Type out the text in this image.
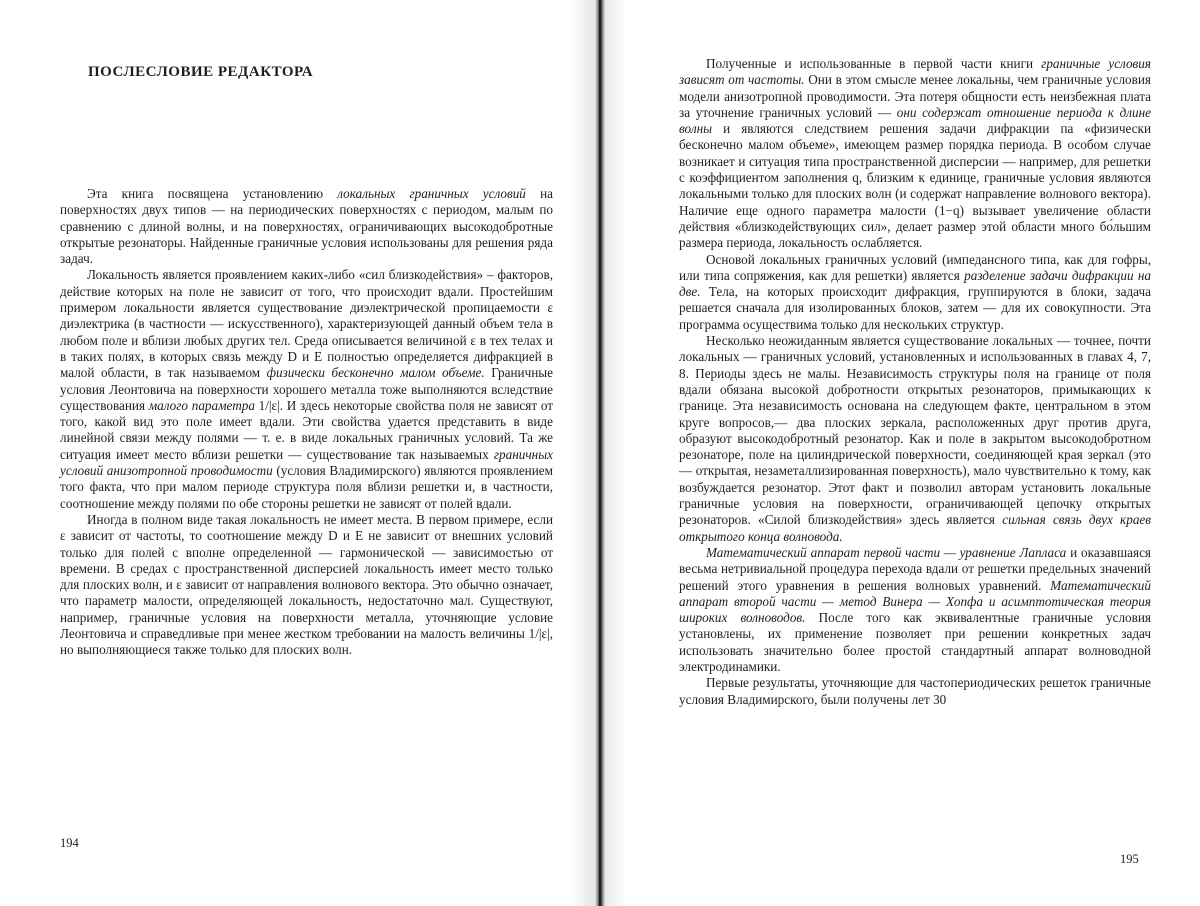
ПОСЛЕСЛОВИЕ РЕДАКТОРА

Эта книга посвящена установлению локальных граничных условий на поверхностях двух типов — на периодических поверхностях с периодом, малым по сравнению с длиной волны, и на поверхностях, ограничивающих высокодобротные открытые резонаторы. Найденные граничные условия использованы для решения ряда задач.

Локальность является проявлением каких-либо «сил близкодействия» – факторов, действие которых на поле не зависит от того, что происходит вдали. Простейшим примером локальности является существование диэлектрической пропицаемости ε диэлектрика (в частности — искусственного), характеризующей данный объем тела в любом поле и вблизи любых других тел. Среда описывается величиной ε в тех телах и в таких полях, в которых связь между D и E полностью определяется дифракцией в малой области, в так называемом физически бесконечно малом объеме. Граничные условия Леонтовича на поверхности хорошего металла тоже выполняются вследствие существования малого параметра 1/|ε|. И здесь некоторые свойства поля не зависят от того, какой вид это поле имеет вдали. Эти свойства удается представить в виде линейной связи между полями — т. е. в виде локальных граничных условий. Та же ситуация имеет место вблизи решетки — существование так называемых граничных условий анизотропной проводимости (условия Владимирского) являются проявлением того факта, что при малом периоде структура поля вблизи решетки и, в частности, соотношение между полями по обе стороны решетки не зависят от полей вдали.

Иногда в полном виде такая локальность не имеет места. В первом примере, если ε зависит от частоты, то соотношение между D и E не зависит от внешних условий только для полей с вполне определенной — гармонической — зависимостью от времени. В средах с пространственной дисперсией локальность имеет место только для плоских волн, и ε зависит от направления волнового вектора. Это обычно означает, что параметр малости, определяющей локальность, недостаточно мал. Существуют, например, граничные условия на поверхности металла, уточняющие условие Леонтовича и справедливые при менее жестком требовании на малость величины 1/|ε|, но выполняющиеся также только для плоских волн.

194

Полученные и использованные в первой части книги граничные условия зависят от частоты. Они в этом смысле менее локальны, чем граничные условия модели анизотропной проводимости. Эта потеря общности есть неизбежная плата за уточнение граничных условий — они содержат отношение периода к длине волны и являются следствием решения задачи дифракции па «физически бесконечно малом объеме», имеющем размер порядка периода. В особом случае возникает и ситуация типа пространственной дисперсии — например, для решетки с коэффициентом заполнения q, близким к единице, граничные условия являются локальными только для плоских волн (и содержат направление волнового вектора). Наличие еще одного параметра малости (1−q) вызывает увеличение области действия «близкодействующих сил», делает размер этой области много бо́льшим размера периода, локальность ослабляется.

Основой локальных граничных условий (импедансного типа, как для гофры, или типа сопряжения, как для решетки) является разделение задачи дифракции на две. Тела, на которых происходит дифракция, группируются в блоки, задача решается сначала для изолированных блоков, затем — для их совокупности. Эта программа осуществима только для нескольких структур.

Несколько неожиданным является существование локальных — точнее, почти локальных — граничных условий, установленных и использованных в главах 4, 7, 8. Периоды здесь не малы. Независимость структуры поля на границе от поля вдали обязана высокой добротности открытых резонаторов, примыкающих к границе. Эта независимость основана на следующем факте, центральном в этом круге вопросов,— два плоских зеркала, расположенных друг против друга, образуют высокодобротный резонатор. Как и поле в закрытом высокодобротном резонаторе, поле на цилиндрической поверхности, соединяющей края зеркал (это — открытая, незаметаллизированная поверхность), мало чувствительно к тому, как возбуждается резонатор. Этот факт и позволил авторам установить локальные граничные условия на поверхности, ограничивающей цепочку открытых резонаторов. «Силой близкодействия» здесь является сильная связь двух краев открытого конца волновода.

Математический аппарат первой части — уравнение Лапласа и оказавшаяся весьма нетривиальной процедура перехода вдали от решетки предельных значений решений этого уравнения в решения волновых уравнений. Математический аппарат второй части — метод Винера — Хопфа и асимптотическая теория широких волноводов. После того как эквивалентные граничные условия установлены, их применение позволяет при решении конкретных задач использовать значительно более простой стандартный аппарат волноводной электродинамики.

Первые результаты, уточняющие для частопериодических решеток граничные условия Владимирского, были получены лет 30

195
